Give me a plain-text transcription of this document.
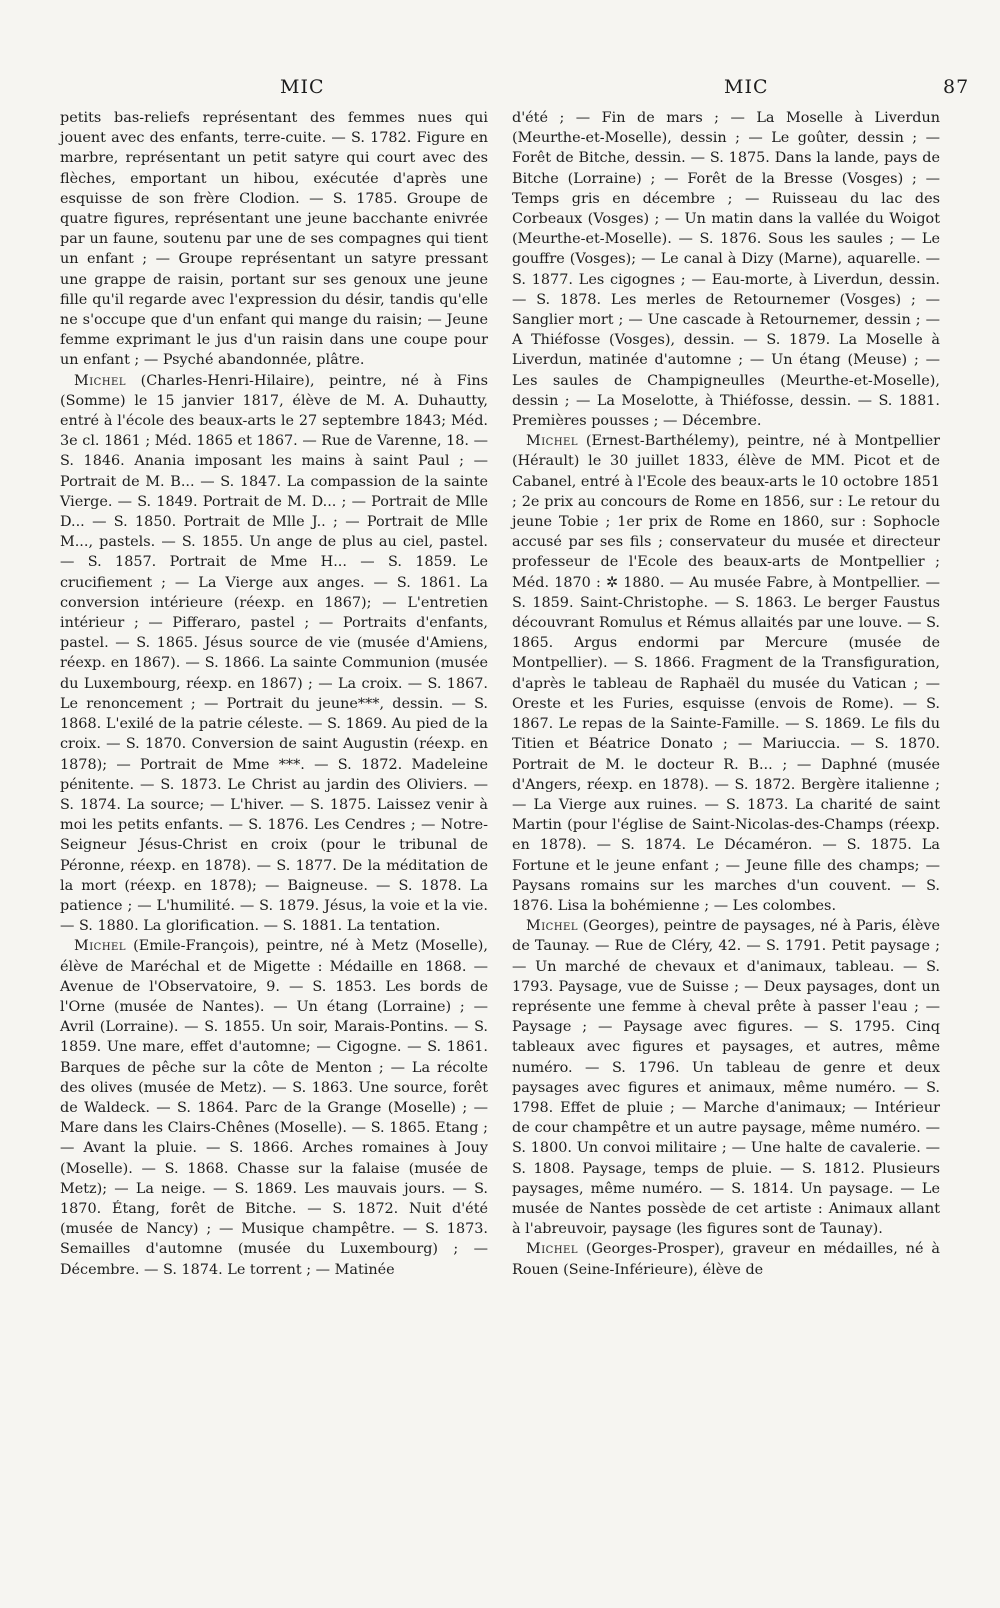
MIC	MIC	87

petits bas-reliefs représentant des femmes nues qui jouent avec des enfants, terre-cuite. — S. 1782. Figure en marbre, représentant un petit satyre qui court avec des flèches, emportant un hibou, exécutée d'après une esquisse de son frère Clodion. — S. 1785. Groupe de quatre figures, représentant une jeune bacchante enivrée par un faune, soutenu par une de ses compagnes qui tient un enfant ; — Groupe représentant un satyre pressant une grappe de raisin, portant sur ses genoux une jeune fille qu'il regarde avec l'expression du désir, tandis qu'elle ne s'occupe que d'un enfant qui mange du raisin; — Jeune femme exprimant le jus d'un raisin dans une coupe pour un enfant ; — Psyché abandonnée, plâtre.

Michel (Charles-Henri-Hilaire), peintre, né à Fins (Somme) le 15 janvier 1817, élève de M. A. Duhautty, entré à l'école des beaux-arts le 27 septembre 1843; Méd. 3e cl. 1861 ; Méd. 1865 et 1867. — Rue de Varenne, 18. — S. 1846. Anania imposant les mains à saint Paul ; — Portrait de M. B... — S. 1847. La compassion de la sainte Vierge. — S. 1849. Portrait de M. D... ; — Portrait de Mlle D... — S. 1850. Portrait de Mlle J.. ; — Portrait de Mlle M..., pastels. — S. 1855. Un ange de plus au ciel, pastel. — S. 1857. Portrait de Mme H... — S. 1859. Le crucifiement ; — La Vierge aux anges. — S. 1861. La conversion intérieure (réexp. en 1867); — L'entretien intérieur ; — Pifferaro, pastel ; — Portraits d'enfants, pastel. — S. 1865. Jésus source de vie (musée d'Amiens, réexp. en 1867). — S. 1866. La sainte Communion (musée du Luxembourg, réexp. en 1867) ; — La croix. — S. 1867. Le renoncement ; — Portrait du jeune***, dessin. — S. 1868. L'exilé de la patrie céleste. — S. 1869. Au pied de la croix. — S. 1870. Conversion de saint Augustin (réexp. en 1878); — Portrait de Mme ***. — S. 1872. Madeleine pénitente. — S. 1873. Le Christ au jardin des Oliviers. — S. 1874. La source; — L'hiver. — S. 1875. Laissez venir à moi les petits enfants. — S. 1876. Les Cendres ; — Notre-Seigneur Jésus-Christ en croix (pour le tribunal de Péronne, réexp. en 1878). — S. 1877. De la méditation de la mort (réexp. en 1878); — Baigneuse. — S. 1878. La patience ; — L'humilité. — S. 1879. Jésus, la voie et la vie. — S. 1880. La glorification. — S. 1881. La tentation.

Michel (Emile-François), peintre, né à Metz (Moselle), élève de Maréchal et de Migette : Médaille en 1868. — Avenue de l'Observatoire, 9. — S. 1853. Les bords de l'Orne (musée de Nantes). — Un étang (Lorraine) ; — Avril (Lorraine). — S. 1855. Un soir, Marais-Pontins. — S. 1859. Une mare, effet d'automne; — Cigogne. — S. 1861. Barques de pêche sur la côte de Menton ; — La récolte des olives (musée de Metz). — S. 1863. Une source, forêt de Waldeck. — S. 1864. Parc de la Grange (Moselle) ; — Mare dans les Clairs-Chênes (Moselle). — S. 1865. Etang ; — Avant la pluie. — S. 1866. Arches romaines à Jouy (Moselle). — S. 1868. Chasse sur la falaise (musée de Metz); — La neige. — S. 1869. Les mauvais jours. — S. 1870. Étang, forêt de Bitche. — S. 1872. Nuit d'été (musée de Nancy) ; — Musique champêtre. — S. 1873. Semailles d'automne (musée du Luxembourg) ; — Décembre. — S. 1874. Le torrent ; — Matinée

d'été ; — Fin de mars ; — La Moselle à Liverdun (Meurthe-et-Moselle), dessin ; — Le goûter, dessin ; — Forêt de Bitche, dessin. — S. 1875. Dans la lande, pays de Bitche (Lorraine) ; — Forêt de la Bresse (Vosges) ; — Temps gris en décembre ; — Ruisseau du lac des Corbeaux (Vosges) ; — Un matin dans la vallée du Woigot (Meurthe-et-Moselle). — S. 1876. Sous les saules ; — Le gouffre (Vosges); — Le canal à Dizy (Marne), aquarelle. — S. 1877. Les cigognes ; — Eau-morte, à Liverdun, dessin. — S. 1878. Les merles de Retournemer (Vosges) ; — Sanglier mort ; — Une cascade à Retournemer, dessin ; — A Thiéfosse (Vosges), dessin. — S. 1879. La Moselle à Liverdun, matinée d'automne ; — Un étang (Meuse) ; — Les saules de Champigneulles (Meurthe-et-Moselle), dessin ; — La Moselotte, à Thiéfosse, dessin. — S. 1881. Premières pousses ; — Décembre.

Michel (Ernest-Barthélemy), peintre, né à Montpellier (Hérault) le 30 juillet 1833, élève de MM. Picot et de Cabanel, entré à l'Ecole des beaux-arts le 10 octobre 1851 ; 2e prix au concours de Rome en 1856, sur : Le retour du jeune Tobie ; 1er prix de Rome en 1860, sur : Sophocle accusé par ses fils ; conservateur du musée et directeur professeur de l'Ecole des beaux-arts de Montpellier ; Méd. 1870 : ✲ 1880. — Au musée Fabre, à Montpellier. — S. 1859. Saint-Christophe. — S. 1863. Le berger Faustus découvrant Romulus et Rémus allaités par une louve. — S. 1865. Argus endormi par Mercure (musée de Montpellier). — S. 1866. Fragment de la Transfiguration, d'après le tableau de Raphaël du musée du Vatican ; — Oreste et les Furies, esquisse (envois de Rome). — S. 1867. Le repas de la Sainte-Famille. — S. 1869. Le fils du Titien et Béatrice Donato ; — Mariuccia. — S. 1870. Portrait de M. le docteur R. B... ; — Daphné (musée d'Angers, réexp. en 1878). — S. 1872. Bergère italienne ; — La Vierge aux ruines. — S. 1873. La charité de saint Martin (pour l'église de Saint-Nicolas-des-Champs (réexp. en 1878). — S. 1874. Le Décaméron. — S. 1875. La Fortune et le jeune enfant ; — Jeune fille des champs; — Paysans romains sur les marches d'un couvent. — S. 1876. Lisa la bohémienne ; — Les colombes.

Michel (Georges), peintre de paysages, né à Paris, élève de Taunay. — Rue de Cléry, 42. — S. 1791. Petit paysage ; — Un marché de chevaux et d'animaux, tableau. — S. 1793. Paysage, vue de Suisse ; — Deux paysages, dont un représente une femme à cheval prête à passer l'eau ; — Paysage ; — Paysage avec figures. — S. 1795. Cinq tableaux avec figures et paysages, et autres, même numéro. — S. 1796. Un tableau de genre et deux paysages avec figures et animaux, même numéro. — S. 1798. Effet de pluie ; — Marche d'animaux; — Intérieur de cour champêtre et un autre paysage, même numéro. — S. 1800. Un convoi militaire ; — Une halte de cavalerie. — S. 1808. Paysage, temps de pluie. — S. 1812. Plusieurs paysages, même numéro. — S. 1814. Un paysage. — Le musée de Nantes possède de cet artiste : Animaux allant à l'abreuvoir, paysage (les figures sont de Taunay).

Michel (Georges-Prosper), graveur en médailles, né à Rouen (Seine-Inférieure), élève de
